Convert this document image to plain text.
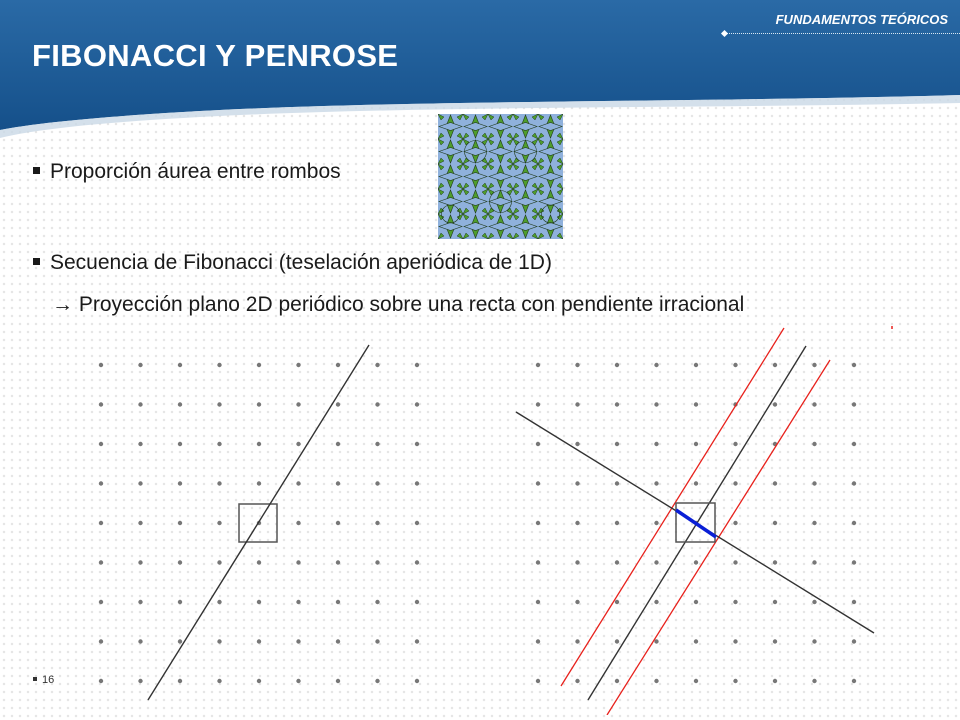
FUNDAMENTOS TEÓRICOS
FIBONACCI Y PENROSE
Proporción áurea entre rombos
Secuencia de Fibonacci (teselación aperiódica de 1D)
→ Proyección plano 2D periódico sobre una recta con pendiente irracional
16
